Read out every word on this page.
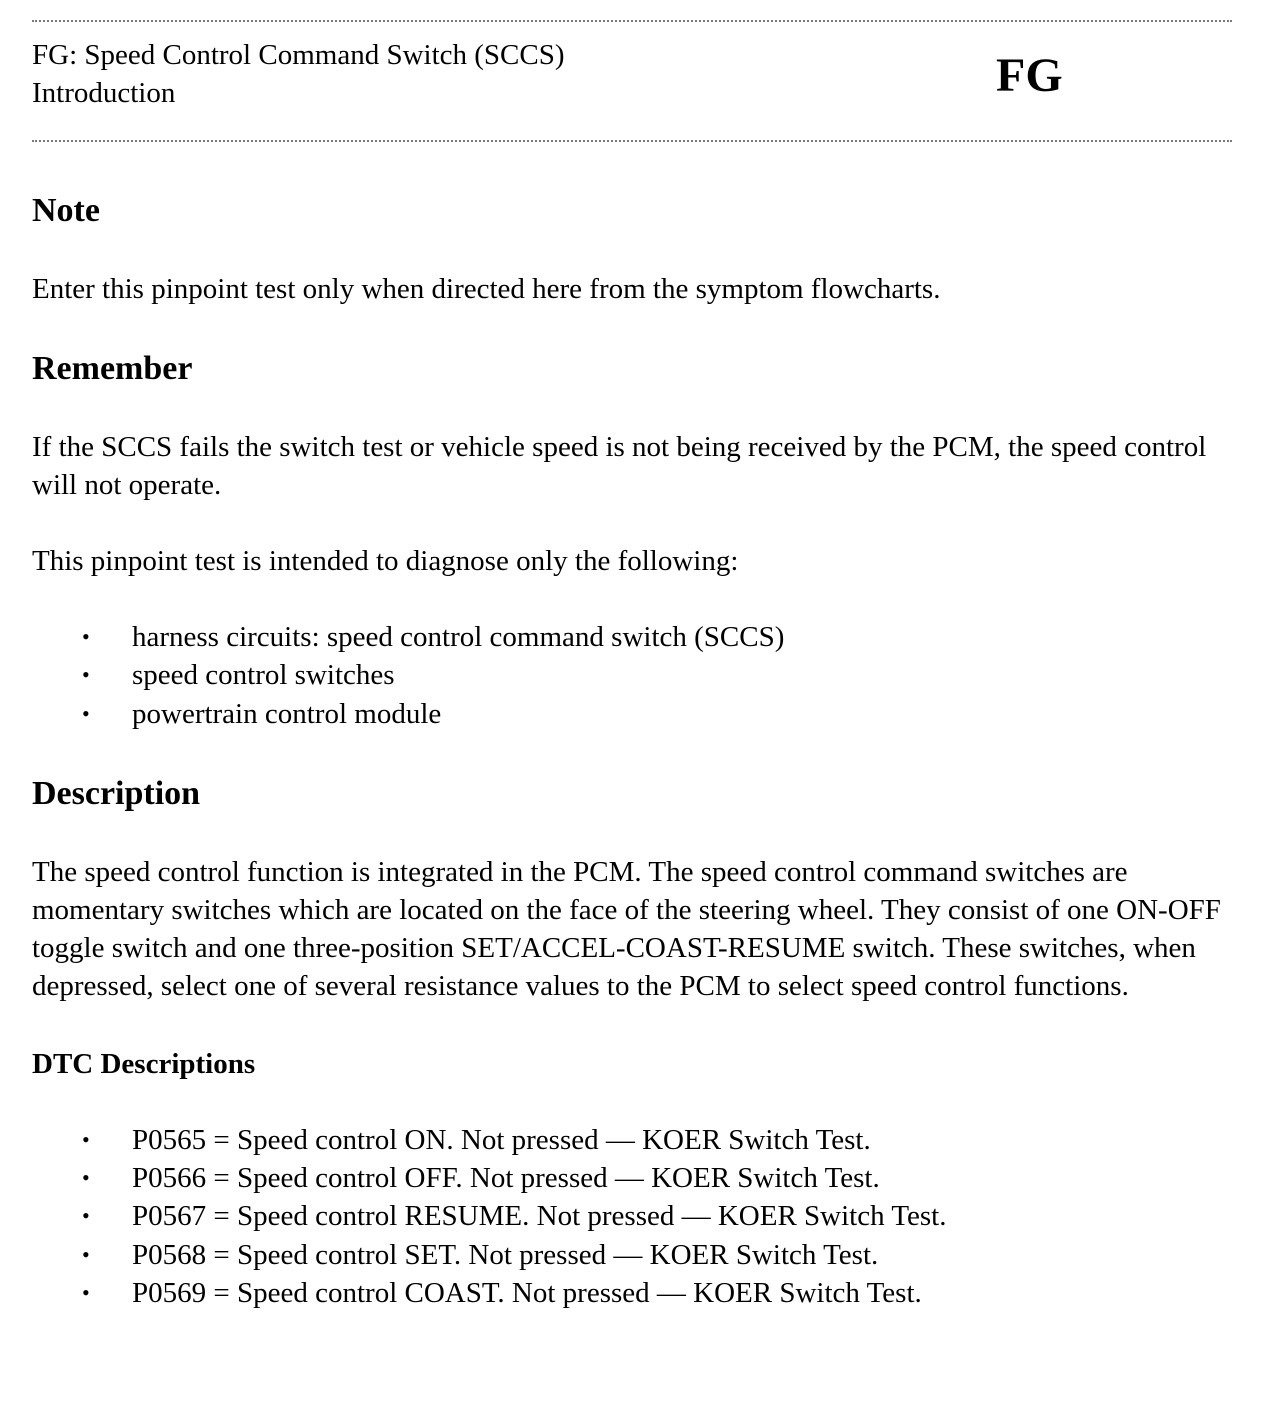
FG: Speed Control Command Switch (SCCS)
Introduction	FG
Note

Enter this pinpoint test only when directed here from the symptom flowcharts.

Remember

If the SCCS fails the switch test or vehicle speed is not being received by the PCM, the speed control will not operate.

This pinpoint test is intended to diagnose only the following:

• harness circuits: speed control command switch (SCCS)
• speed control switches
• powertrain control module
Description

The speed control function is integrated in the PCM. The speed control command switches are momentary switches which are located on the face of the steering wheel. They consist of one ON-OFF toggle switch and one three-position SET/ACCEL-COAST-RESUME switch. These switches, when depressed, select one of several resistance values to the PCM to select speed control functions.

DTC Descriptions
• P0565 = Speed control ON. Not pressed — KOER Switch Test.
• P0566 = Speed control OFF. Not pressed — KOER Switch Test.
• P0567 = Speed control RESUME. Not pressed — KOER Switch Test.
• P0568 = Speed control SET. Not pressed — KOER Switch Test.
• P0569 = Speed control COAST. Not pressed — KOER Switch Test.
